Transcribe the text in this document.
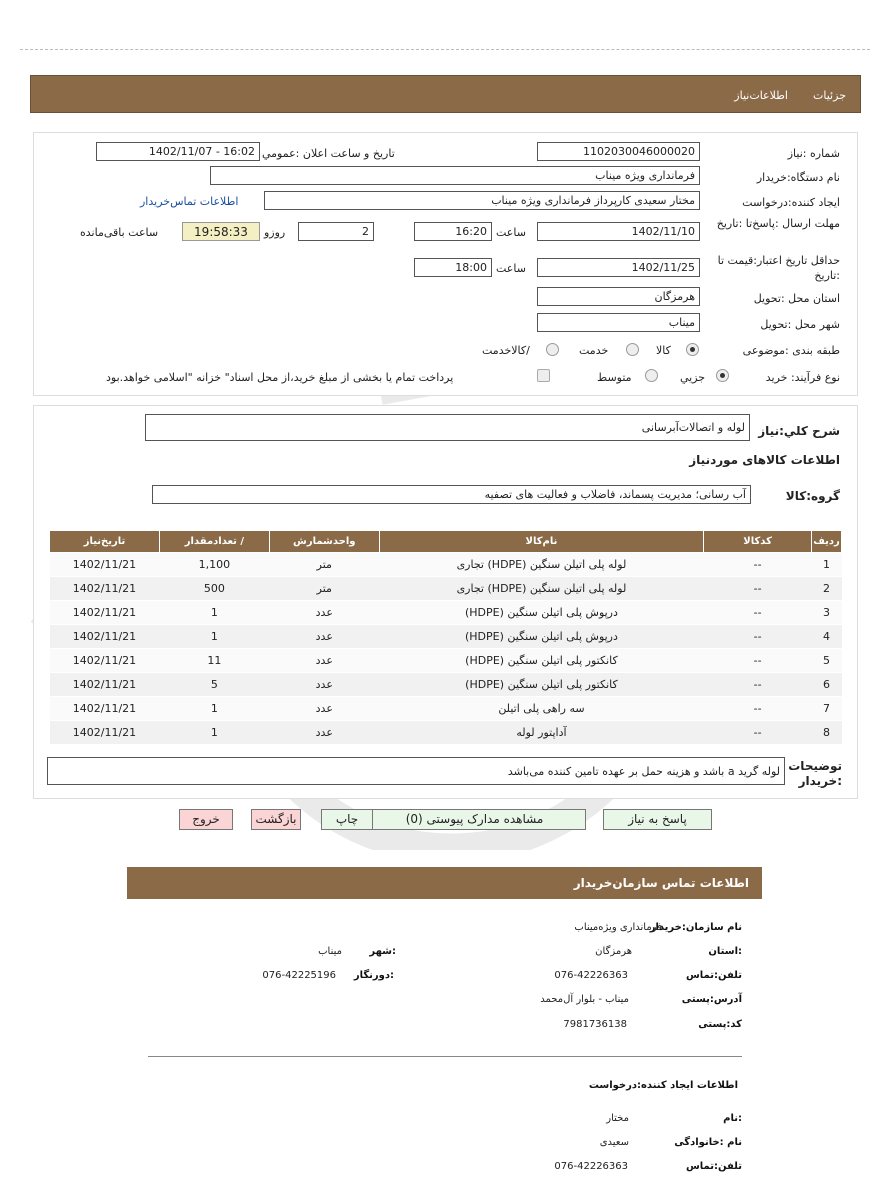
جزئیات
اطلاعات‌نیاز
شماره :نیاز
1102030046000020
تاریخ و ساعت اعلان :عمومي
1402/11/07 - 16:02
نام دستگاه:خریدار
فرمانداری ویژه میناب
ایجاد کننده:درخواست
مختار سعیدی کارپرداز فرمانداری ویژه میناب
اطلاعات تماس‌خریدار
مهلت ارسال :پاسخ‌تا :تاریخ
1402/11/10
ساعت
16:20
2
روزو
19:58:33
ساعت باقی‌مانده
حداقل تاریخ اعتبار:قیمت تا :تاریخ
1402/11/25
ساعت
18:00
استان محل :تحویل
هرمزگان
شهر محل :تحویل
میناب
طبقه بندی :موضوعی
کالا
خدمت
/کالاخدمت
نوع فرآیند: خرید
جزیي
متوسط
پرداخت تمام یا بخشی از مبلغ خرید،از محل اسناد" خزانه "اسلامی خواهد.بود
شرح کلي:نیاز
لوله و اتصالات‌آبرسانی
اطلاعات کالاهای موردنیاز
گروه:کالا
آب رسانی؛ مدیریت پسماند، فاضلاب و فعالیت های تصفیه
ردیف	کدکالا	نام‌کالا	واحدشمارش	/ تعدادمقدار	تاریخ‌نیاز
1	--	لوله پلی اتیلن سنگین (HDPE) تجاری	متر	1,100	1402/11/21
2	--	لوله پلی اتیلن سنگین (HDPE) تجاری	متر	500	1402/11/21
3	--	درپوش پلی اتیلن سنگین (HDPE)	عدد	1	1402/11/21
4	--	درپوش پلی اتیلن سنگین (HDPE)	عدد	1	1402/11/21
5	--	کانکتور پلی اتیلن سنگین (HDPE)	عدد	11	1402/11/21
6	--	کانکتور پلی اتیلن سنگین (HDPE)	عدد	5	1402/11/21
7	--	سه راهی پلی اتیلن	عدد	1	1402/11/21
8	--	آداپتور لوله	عدد	1	1402/11/21
توضیحات :خریدار
لوله گرید a باشد و هزینه حمل بر عهده تامین کننده می‌باشد
پاسخ به نیاز
مشاهده مدارک پیوستی (0)
چاپ
بازگشت
خروج
اطلاعات تماس سازمان‌خریدار
نام سازمان:خریدار
فرمانداری ویژه‌میناب
:استان
هرمزگان
:شهر
میناب
تلفن:تماس
076-42226363
:دورنگار
076-42225196
آدرس:پستی
میناب - بلوار آل‌محمد
کد:پستی
7981736138
اطلاعات ایجاد کننده:درخواست
:نام
مختار
نام :خانوادگی
سعیدی
تلفن:تماس
076-42226363
